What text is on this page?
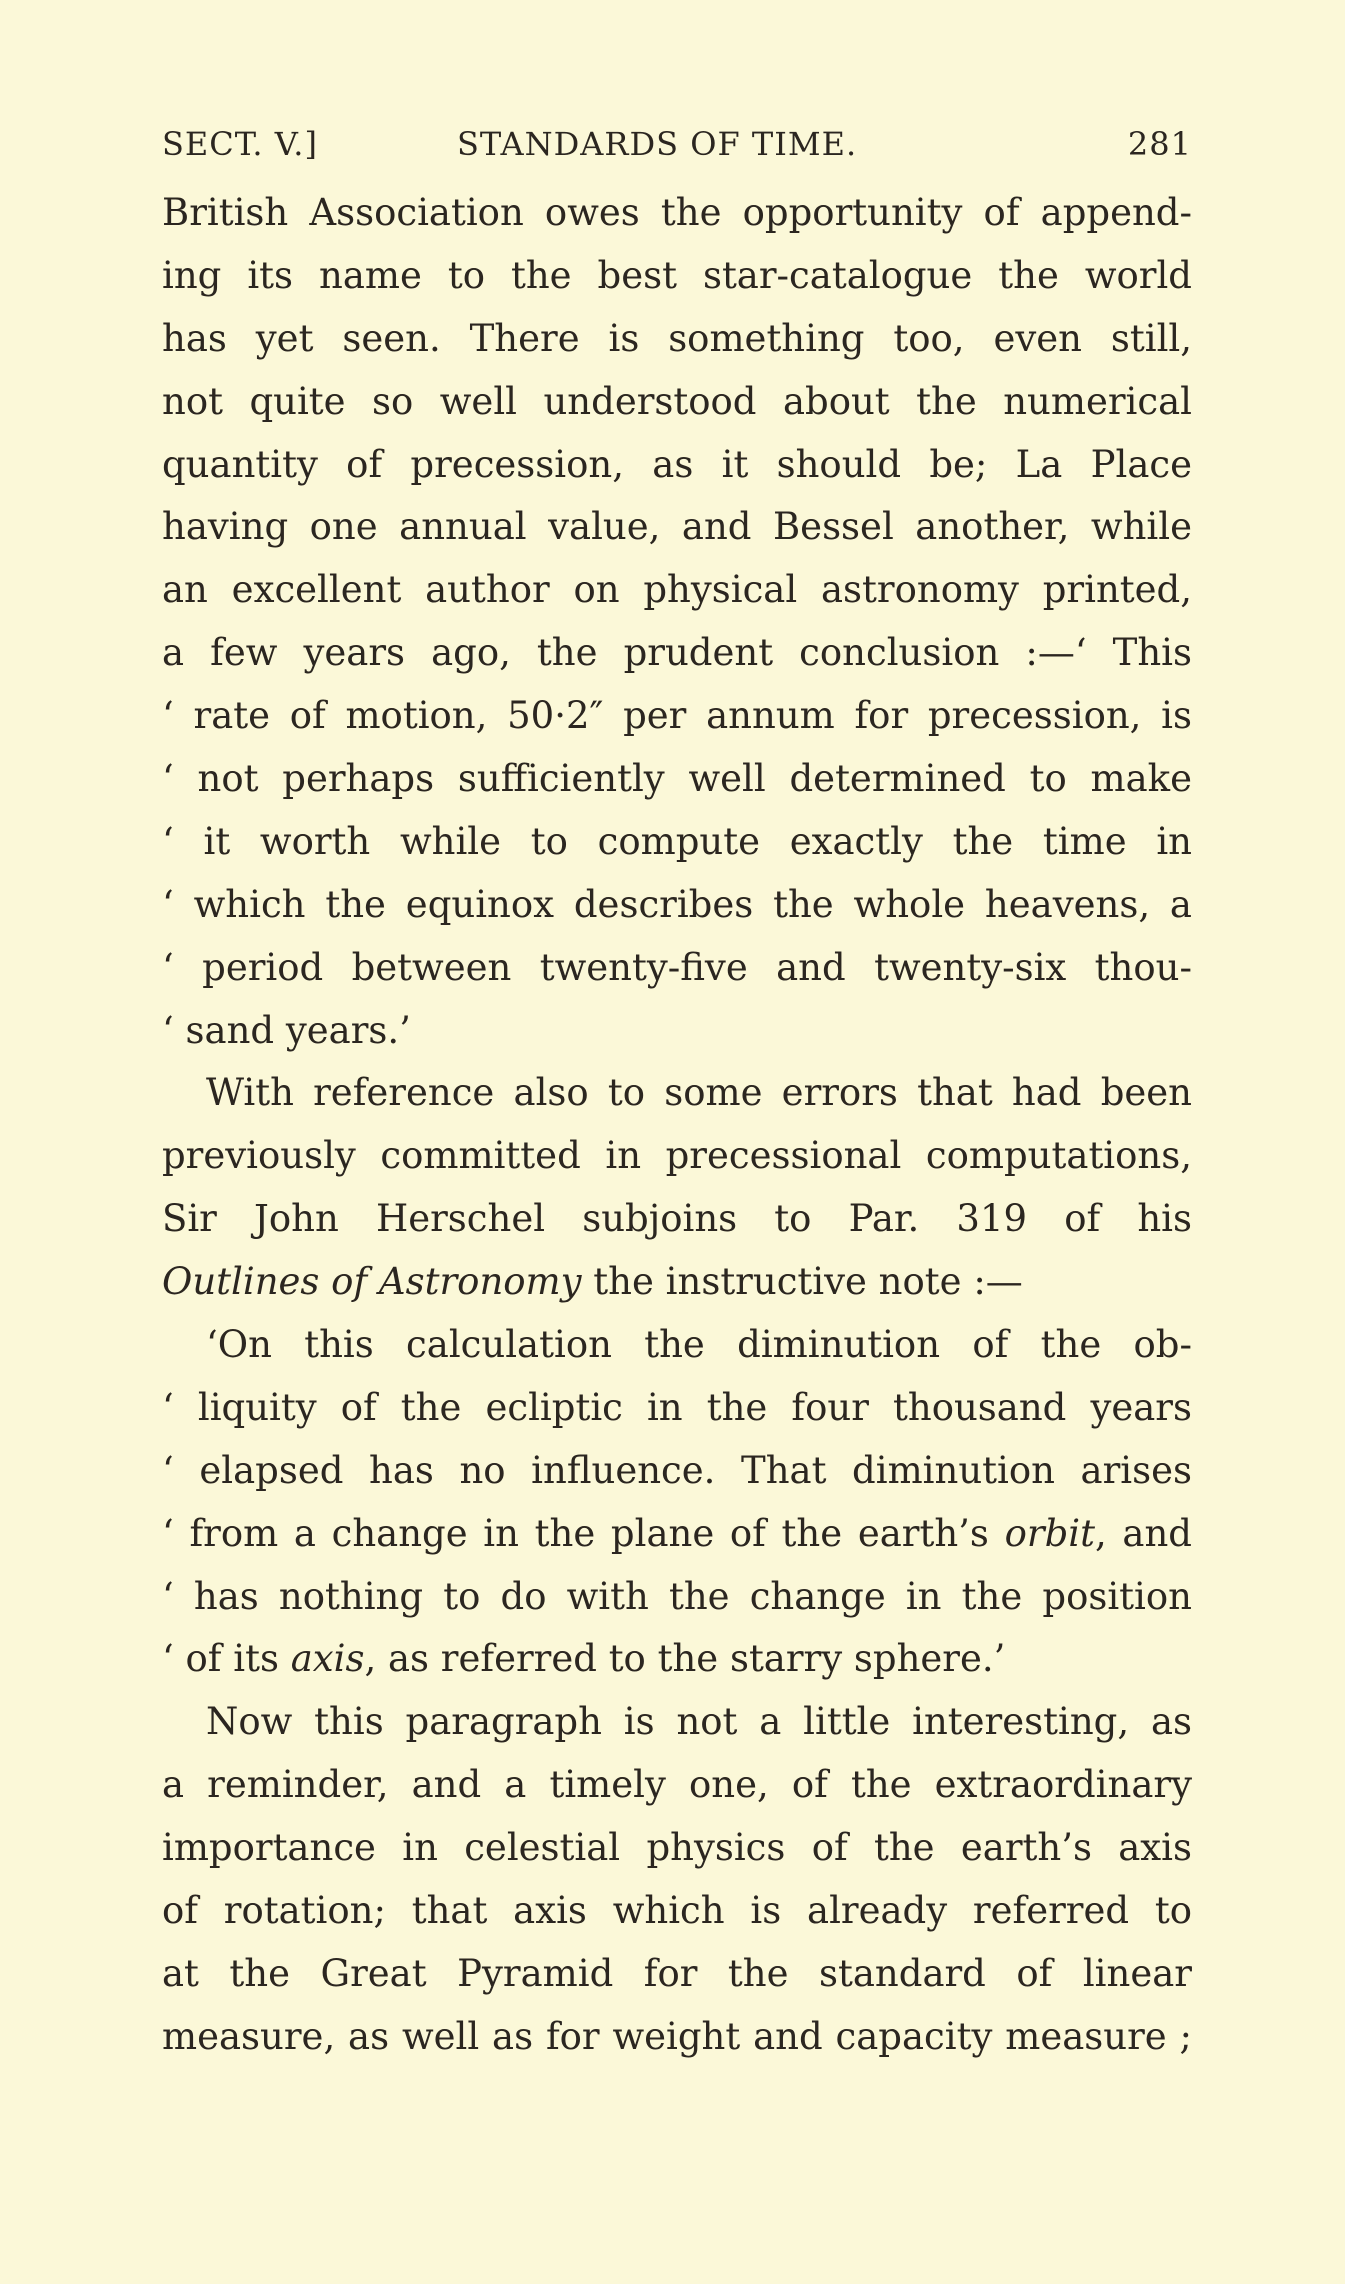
SECT. V.]	STANDARDS OF TIME.	281
British Association owes the opportunity of append-
ing its name to the best star-catalogue the world
has yet seen. There is something too, even still,
not quite so well understood about the numerical
quantity of precession, as it should be; La Place
having one annual value, and Bessel another, while
an excellent author on physical astronomy printed,
a few years ago, the prudent conclusion :—‘ This
‘ rate of motion, 50·2″ per annum for precession, is
‘ not perhaps sufficiently well determined to make
‘ it worth while to compute exactly the time in
‘ which the equinox describes the whole heavens, a
‘ period between twenty-five and twenty-six thou-
‘ sand years.’
With reference also to some errors that had been
previously committed in precessional computations,
Sir John Herschel subjoins to Par. 319 of his
Outlines of Astronomy the instructive note :—
‘On this calculation the diminution of the ob-
‘ liquity of the ecliptic in the four thousand years
‘ elapsed has no influence. That diminution arises
‘ from a change in the plane of the earth’s orbit, and
‘ has nothing to do with the change in the position
‘ of its axis, as referred to the starry sphere.’
Now this paragraph is not a little interesting, as
a reminder, and a timely one, of the extraordinary
importance in celestial physics of the earth’s axis
of rotation; that axis which is already referred to
at the Great Pyramid for the standard of linear
measure, as well as for weight and capacity measure ;
